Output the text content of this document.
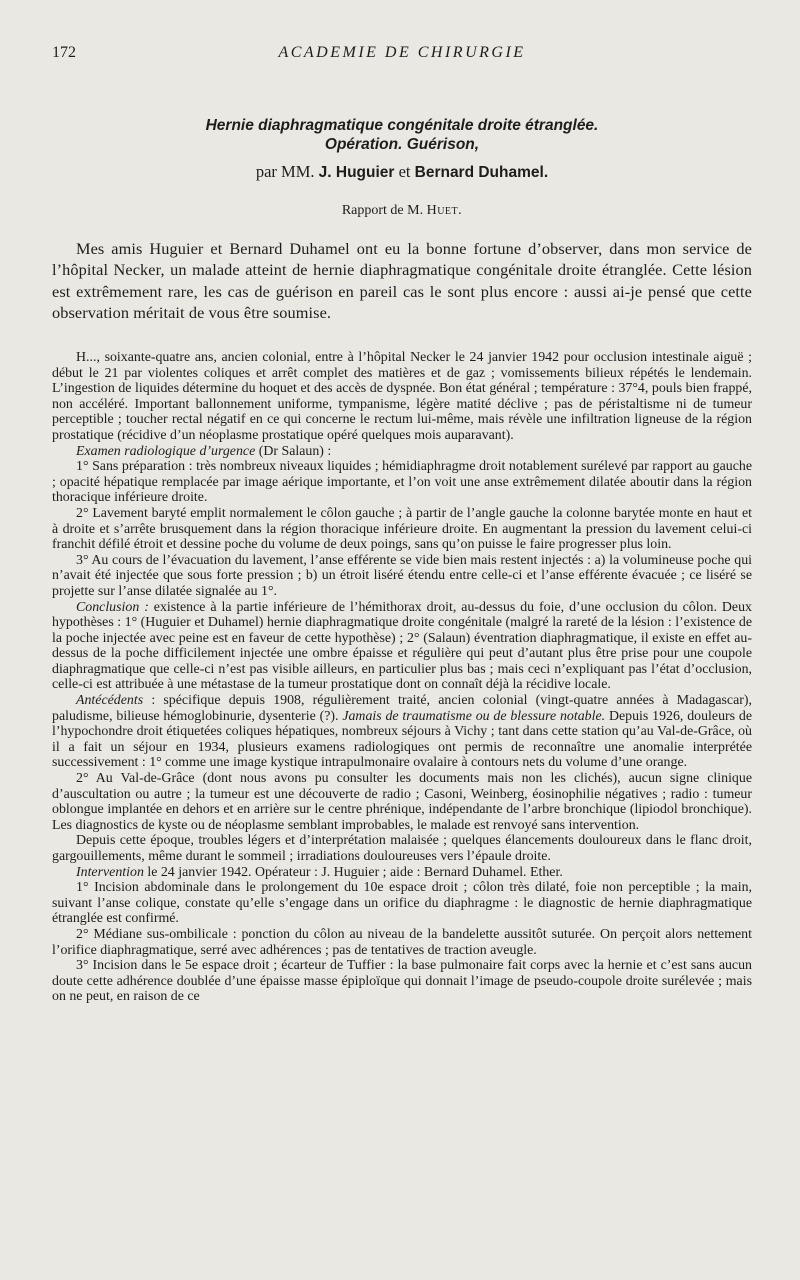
172	ACADEMIE DE CHIRURGIE
Hernie diaphragmatique congénitale droite étranglée.
Opération. Guérison,
par MM. J. Huguier et Bernard Duhamel.
Rapport de M. Huet.

Mes amis Huguier et Bernard Duhamel ont eu la bonne fortune d’observer, dans mon service de l’hôpital Necker, un malade atteint de hernie diaphragmatique congénitale droite étranglée. Cette lésion est extrêmement rare, les cas de guérison en pareil cas le sont plus encore : aussi ai-je pensé que cette observation méritait de vous être soumise.

H..., soixante-quatre ans, ancien colonial, entre à l’hôpital Necker le 24 janvier 1942 pour occlusion intestinale aiguë ; début le 21 par violentes coliques et arrêt complet des matières et de gaz ; vomissements bilieux répétés le lendemain. L’ingestion de liquides détermine du hoquet et des accès de dyspnée. Bon état général ; température : 37°4, pouls bien frappé, non accéléré. Important ballonnement uniforme, tympanisme, légère matité déclive ; pas de péristaltisme ni de tumeur perceptible ; toucher rectal négatif en ce qui concerne le rectum lui-même, mais révèle une infiltration ligneuse de la région prostatique (récidive d’un néoplasme prostatique opéré quelques mois auparavant).

Examen radiologique d’urgence (Dr Salaun) :

1° Sans préparation : très nombreux niveaux liquides ; hémidiaphragme droit notablement surélevé par rapport au gauche ; opacité hépatique remplacée par image aérique importante, et l’on voit une anse extrêmement dilatée aboutir dans la région thoracique inférieure droite.

2° Lavement baryté emplit normalement le côlon gauche ; à partir de l’angle gauche la colonne barytée monte en haut et à droite et s’arrête brusquement dans la région thoracique inférieure droite. En augmentant la pression du lavement celui-ci franchit défilé étroit et dessine poche du volume de deux poings, sans qu’on puisse le faire progresser plus loin.

3° Au cours de l’évacuation du lavement, l’anse efférente se vide bien mais restent injectés : a) la volumineuse poche qui n’avait été injectée que sous forte pression ; b) un étroit liséré étendu entre celle-ci et l’anse efférente évacuée ; ce liséré se projette sur l’anse dilatée signalée au 1°.

Conclusion : existence à la partie inférieure de l’hémithorax droit, au-dessus du foie, d’une occlusion du côlon. Deux hypothèses : 1° (Huguier et Duhamel) hernie diaphragmatique droite congénitale (malgré la rareté de la lésion : l’existence de la poche injectée avec peine est en faveur de cette hypothèse) ; 2° (Salaun) éventration diaphragmatique, il existe en effet au-dessus de la poche difficilement injectée une ombre épaisse et régulière qui peut d’autant plus être prise pour une coupole diaphragmatique que celle-ci n’est pas visible ailleurs, en particulier plus bas ; mais ceci n’expliquant pas l’état d’occlusion, celle-ci est attribuée à une métastase de la tumeur prostatique dont on connaît déjà la récidive locale.

Antécédents : spécifique depuis 1908, régulièrement traité, ancien colonial (vingt-quatre années à Madagascar), paludisme, bilieuse hémoglobinurie, dysenterie (?). Jamais de traumatisme ou de blessure notable. Depuis 1926, douleurs de l’hypochondre droit étiquetées coliques hépatiques, nombreux séjours à Vichy ; tant dans cette station qu’au Val-de-Grâce, où il a fait un séjour en 1934, plusieurs examens radiologiques ont permis de reconnaître une anomalie interprétée successivement : 1° comme une image kystique intrapulmonaire ovalaire à contours nets du volume d’une orange.

2° Au Val-de-Grâce (dont nous avons pu consulter les documents mais non les clichés), aucun signe clinique d’auscultation ou autre ; la tumeur est une découverte de radio ; Casoni, Weinberg, éosinophilie négatives ; radio : tumeur oblongue implantée en dehors et en arrière sur le centre phrénique, indépendante de l’arbre bronchique (lipiodol bronchique). Les diagnostics de kyste ou de néoplasme semblant improbables, le malade est renvoyé sans intervention.

Depuis cette époque, troubles légers et d’interprétation malaisée ; quelques élancements douloureux dans le flanc droit, gargouillements, même durant le sommeil ; irradiations douloureuses vers l’épaule droite.

Intervention le 24 janvier 1942. Opérateur : J. Huguier ; aide : Bernard Duhamel. Ether.

1° Incision abdominale dans le prolongement du 10e espace droit ; côlon très dilaté, foie non perceptible ; la main, suivant l’anse colique, constate qu’elle s’engage dans un orifice du diaphragme : le diagnostic de hernie diaphragmatique étranglée est confirmé.

2° Médiane sus-ombilicale : ponction du côlon au niveau de la bandelette aussitôt suturée. On perçoit alors nettement l’orifice diaphragmatique, serré avec adhérences ; pas de tentatives de traction aveugle.

3° Incision dans le 5e espace droit ; écarteur de Tuffier : la base pulmonaire fait corps avec la hernie et c’est sans aucun doute cette adhérence doublée d’une épaisse masse épiploïque qui donnait l’image de pseudo-coupole droite surélevée ; mais on ne peut, en raison de ce
